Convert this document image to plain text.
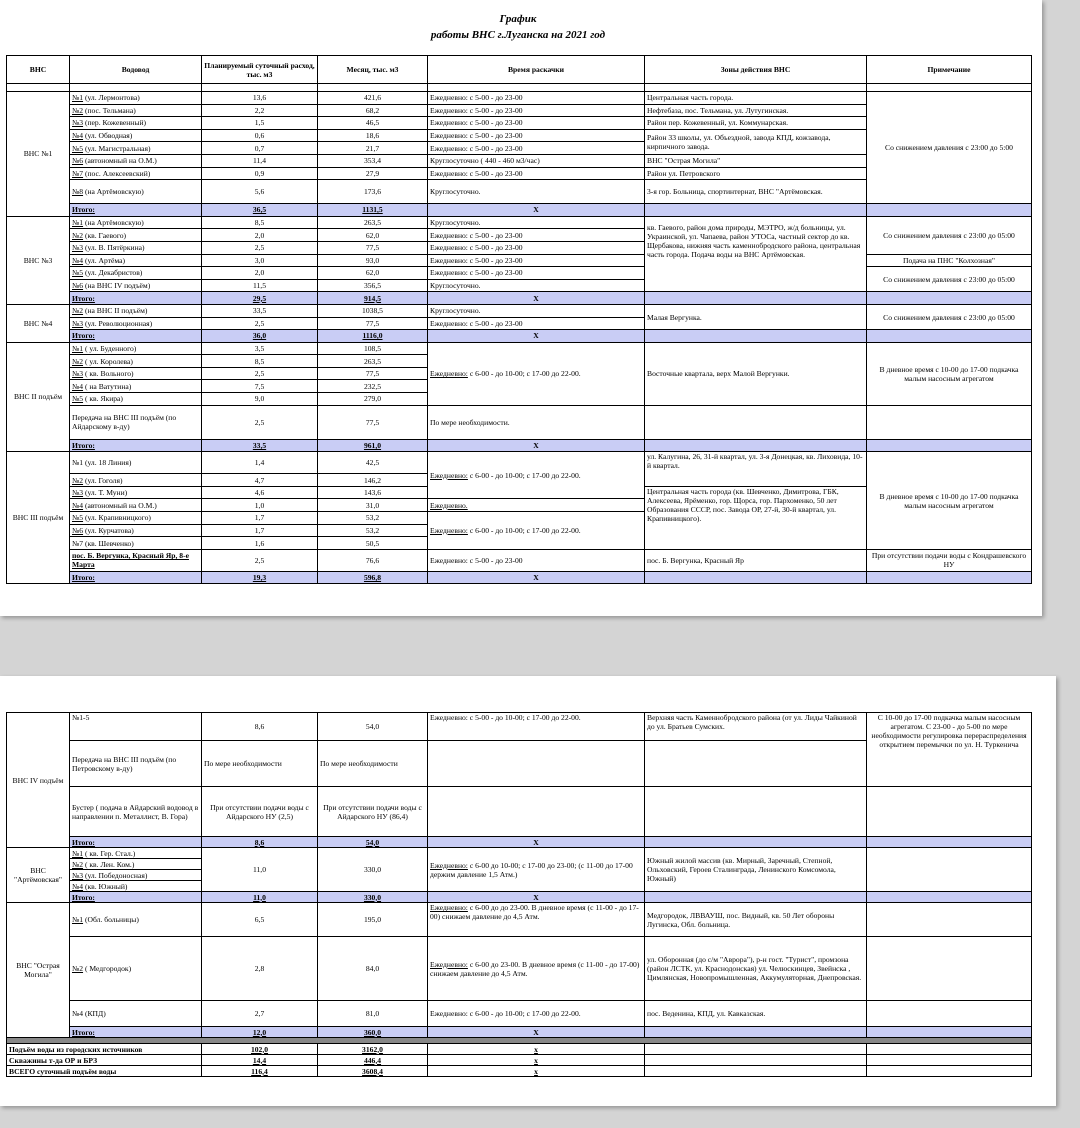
График
работы ВНС г.Луганска на 2021 год
ВНС	Водовод	Планируемый суточный расход, тыс. м3	Месяц, тыс. м3	Время раскачки	Зоны действия ВНС	Примечание

ВНС №1	№1 (ул. Лермонтова)	13,6	421,6	Ежедневно: с 5-00 - до 23-00	Центральная часть города.	Со снижением давления с 23:00 до 5:00
	№2 (пос. Тельмана)	2,2	68,2	Ежедневно: с 5-00 - до 23-00	Нефтебаза, пос. Тельмана, ул. Лутугинская.	
	№3 (пер. Кожевенный)	1,5	46,5	Ежедневно: с 5-00 - до 23-00	Район пер. Кожевенный, ул. Коммунарская.	
	№4 (ул. Обводная)	0,6	18,6	Ежедневно: с 5-00 - до 23-00	Район 33 школы, ул. Объездной, завода КПД, кожзавода, кирпичного завода.	
	№5 (ул. Магистральная)	0,7	21,7	Ежедневно: с 5-00 - до 23-00		
	№6 (автономный на О.М.)	11,4	353,4	Круглосуточно ( 440 - 460 м3/час)	ВНС "Острая Могила"	
	№7 (пос. Алексеевский)	0,9	27,9	Ежедневно: с 5-00 - до 23-00	Район ул. Петровского	
	№8 (на Артёмовскую)	5,6	173,6	Круглосуточно.	3-я гор. Больница, спортинтернат, ВНС "Артёмовская.	
	Итого:	36,5	1131,5	X		
ВНС №3	№1 (на Артёмовскую)	8,5	263,5	Круглосуточно.	кв. Гаевого, район дома природы, МЭТРО, ж/д больницы, ул. Украинской, ул. Чапаева, район УТОСа, частный сектор до кв. Щербакова, нижняя часть каменнобродского района, центральная часть города. Подача воды на ВНС Артёмовская.	Со снижением давления с 23:00 до 05:00
	№2 (кв. Гаевого)	2,0	62,0	Ежедневно: с 5-00 - до 23-00		
	№3 (ул. В. Пятёркина)	2,5	77,5	Ежедневно: с 5-00 - до 23-00		
	№4 (ул. Артёма)	3,0	93,0	Ежедневно: с 5-00 - до 23-00		Подача на ПНС "Колхозная"
	№5 (ул. Декабристов)	2,0	62,0	Ежедневно: с 5-00 - до 23-00		Со снижением давления с 23:00 до 05:00
	№6 (на ВНС IV подъём)	11,5	356,5	Круглосуточно.		
	Итого:	29,5	914,5	X		
ВНС №4	№2 (на ВНС II подъём)	33,5	1038,5	Круглосуточно.	Малая Вергунка.	Со снижением давления с 23:00 до 05:00
	№3 (ул. Революционная)	2,5	77,5	Ежедневно: с 5-00 - до 23-00		
	Итого:	36,0	1116,0	X		
ВНС II подъём	№1 ( ул. Буденного)	3,5	108,5	Ежедневно: с 6-00 - до 10-00; с 17-00 до 22-00.	Восточные квартала, верх Малой Вергунки.	В дневное время с 10-00 до 17-00 подкачка малым насосным агрегатом
	№2 ( ул. Королева)	8,5	263,5			
	№3 ( кв. Вольного)	2,5	77,5			
	№4 ( на Ватутина)	7,5	232,5			
	№5 ( кв. Якира)	9,0	279,0			
	Передача на ВНС III подъём (по Айдарскому в-ду)	2,5	77,5	По мере необходимости.		
	Итого:	33,5	961,0	X		
ВНС III подъём	№1 (ул. 18 Линия)	1,4	42,5	Ежедневно: с 6-00 - до 10-00; с 17-00 до 22-00.	ул. Калугина, 26, 31-й квартал, ул. 3-я Донецкая, кв. Лиховида, 10-й квартал.	В дневное время с 10-00 до 17-00 подкачка малым насосным агрегатом
	№2 (ул. Гоголя)	4,7	146,2			
	№3 (ул. Т. Муни)	4,6	143,6		Центральная часть города (кв. Шевченко, Димитрова, ГБК, Алексеева, Ярёменко, гор. Щорса, гор. Пархоменко, 50 лет Образования СССР, пос. Завода ОР, 27-й, 30-й квартал, ул. Крапивницкого).	
	№4 (автономный на О.М.)	1,0	31,0	Ежедневно.		
	№5 (ул. Крапивницкого)	1,7	53,2	Ежедневно: с 6-00 - до 10-00; с 17-00 до 22-00.		
	№6 (ул. Курчатова)	1,7	53,2			
	№7 (кв. Шевченко)	1,6	50,5			
	пос. Б. Вергунка, Красный Яр, 8-е Марта	2,5	76,6	Ежедневно: с 5-00 - до 23-00	пос. Б. Вергунка, Красный Яр	При отсутствии подачи воды с Кондрашевского НУ
	Итого:	19,3	596,8	X		
ВНС IV подъём	№1-5	8,6	54,0	Ежедневно: с 5-00 - до 10-00; с 17-00 до 22-00.	Верхняя часть Каменнобродского района (от ул. Лиды Чайкиной до ул. Братьев Сумских.	С 10-00 до 17-00 подкачка малым насосным агрегатом. С 23-00 - до 5-00 по мере необходимости регулировка перераспределения открытием перемычки по ул. Н. Туркенича
	Передача на ВНС III подъём (по Петровскому в-ду)	По мере необходимости	По мере необходимости			
	Бустер ( подача в Айдарский водовод в направлении п. Металлист, В. Гора)	При отсутствии подачи воды с Айдарского НУ (2,5)	При отсутствии подачи воды с Айдарского НУ (86,4)			
	Итого:	8,6	54,0	X		
ВНС "Артёмовская"	№1 ( кв. Гер. Стал.)	11,0	330,0	Ежедневно: с 6-00 до 10-00; с 17-00 до 23-00; (с 11-00 до 17-00 держим давление 1,5 Атм.)	Южный жилой массив (кв. Мирный, Заречный, Степной, Ольховский, Героев Сталинграда, Ленинского Комсомола, Южный)	
	№2 ( кв. Лен. Ком.)					
	№3 (ул. Победоносная)					
	№4 (кв. Южный)					
	Итого:	11,0	330,0	X		
ВНС "Острая Могила"	№1 (Обл. больницы)	6,5	195,0	Ежедневно: с 6-00 до до 23-00. В дневное время (с 11-00 - до 17-00) снижаем давление до 4,5 Атм.	Медгородок, ЛВВАУШ, пос. Видный, кв. 50 Лет обороны Лугинска, Обл. больница.	
	№2 ( Медгородок)	2,8	84,0	Ежедневно: с 6-00 до 23-00. В дневное время (с 11-00 - до 17-00) снижаем давление до 4,5 Атм.	ул. Оборонная (до с/м "Аврора"), р-н гост. "Турист", промзона (район ЛСТК, ул. Краснодонская) ул. Челюскинцев, Звейнска , Цимлянская, Новопромышленная, Аккумуляторная, Днепровская.	
	№4 (КПД)	2,7	81,0	Ежедневно: с 6-00 - до 10-00; с 17-00 до 22-00.	пос. Веденина, КПД, ул. Кавказская.	
	Итого:	12,0	360,0	X		

Подъём воды из городских источников		102,0	3162,0	x		
Скважины т-да ОР и БРЗ		14,4	446,4	x		
ВСЕГО суточный подъём воды		116,4	3608,4	x		
